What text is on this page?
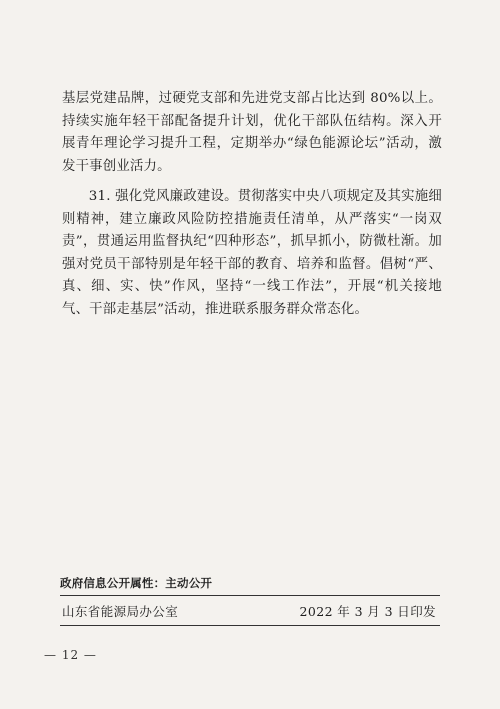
基层党建品牌，过硬党支部和先进党支部占比达到 80%以上。持续实施年轻干部配备提升计划，优化干部队伍结构。深入开展青年理论学习提升工程，定期举办“绿色能源论坛”活动，激发干事创业活力。

31. 强化党风廉政建设。贯彻落实中央八项规定及其实施细则精神，建立廉政风险防控措施责任清单，从严落实“一岗双责”，贯通运用监督执纪“四种形态”，抓早抓小，防微杜渐。加强对党员干部特别是年轻干部的教育、培养和监督。倡树“严、真、细、实、快”作风，坚持“一线工作法”，开展“机关接地气、干部走基层”活动，推进联系服务群众常态化。

政府信息公开属性：主动公开
山东省能源局办公室	2022 年 3 月 3 日印发
— 12 —
